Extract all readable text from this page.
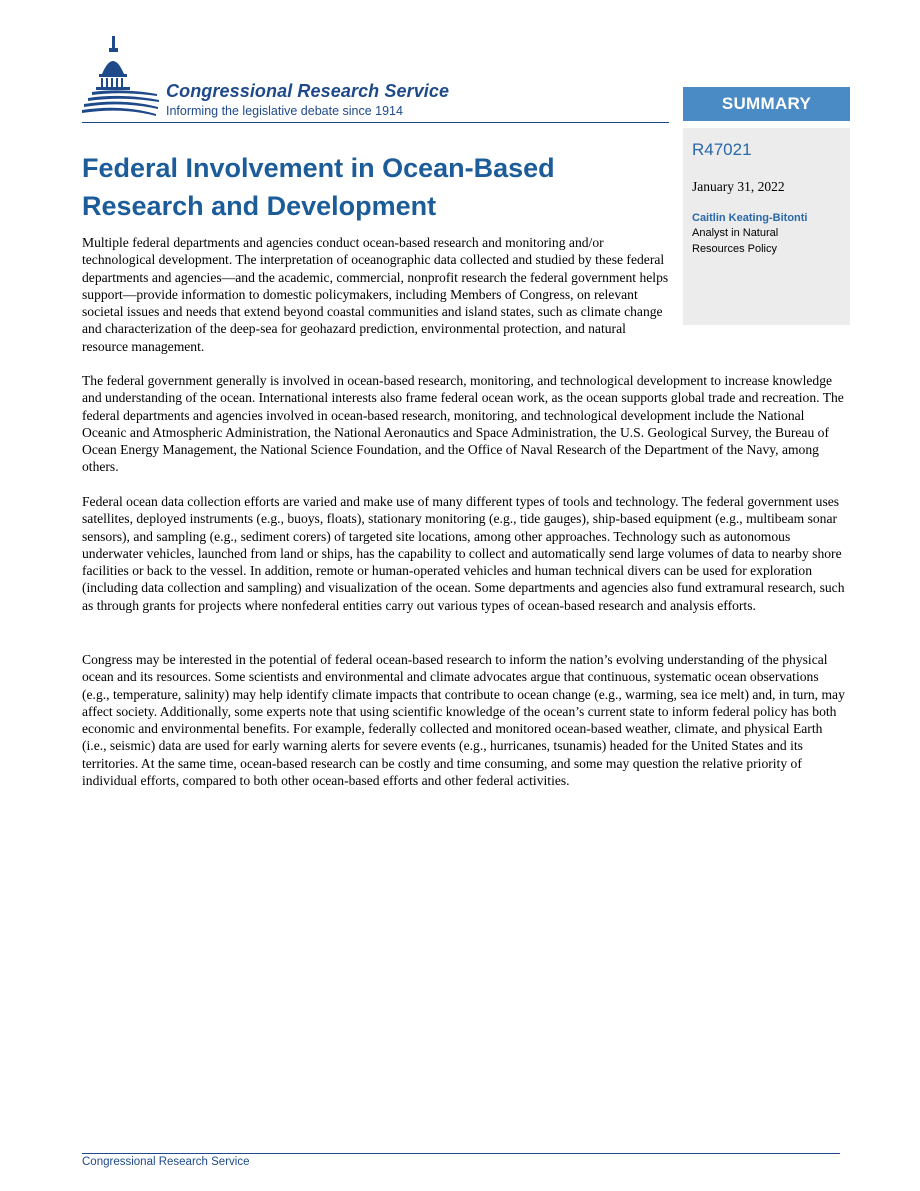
Congressional Research Service
Informing the legislative debate since 1914	SUMMARY
R47021
January 31, 2022
Caitlin Keating-Bitonti
Analyst in Natural Resources Policy
Federal Involvement in Ocean-Based Research and Development

Multiple federal departments and agencies conduct ocean-based research and monitoring and/or technological development. The interpretation of oceanographic data collected and studied by these federal departments and agencies—and the academic, commercial, nonprofit research the federal government helps support—provide information to domestic policymakers, including Members of Congress, on relevant societal issues and needs that extend beyond coastal communities and island states, such as climate change and characterization of the deep-sea for geohazard prediction, environmental protection, and natural resource management.

The federal government generally is involved in ocean-based research, monitoring, and technological development to increase knowledge and understanding of the ocean. International interests also frame federal ocean work, as the ocean supports global trade and recreation. The federal departments and agencies involved in ocean-based research, monitoring, and technological development include the National Oceanic and Atmospheric Administration, the National Aeronautics and Space Administration, the U.S. Geological Survey, the Bureau of Ocean Energy Management, the National Science Foundation, and the Office of Naval Research of the Department of the Navy, among others.

Federal ocean data collection efforts are varied and make use of many different types of tools and technology. The federal government uses satellites, deployed instruments (e.g., buoys, floats), stationary monitoring (e.g., tide gauges), ship-based equipment (e.g., multibeam sonar sensors), and sampling (e.g., sediment corers) of targeted site locations, among other approaches. Technology such as autonomous underwater vehicles, launched from land or ships, has the capability to collect and automatically send large volumes of data to nearby shore facilities or back to the vessel. In addition, remote or human-operated vehicles and human technical divers can be used for exploration (including data collection and sampling) and visualization of the ocean. Some departments and agencies also fund extramural research, such as through grants for projects where nonfederal entities carry out various types of ocean-based research and analysis efforts.

Congress may be interested in the potential of federal ocean-based research to inform the nation’s evolving understanding of the physical ocean and its resources. Some scientists and environmental and climate advocates argue that continuous, systematic ocean observations (e.g., temperature, salinity) may help identify climate impacts that contribute to ocean change (e.g., warming, sea ice melt) and, in turn, may affect society. Additionally, some experts note that using scientific knowledge of the ocean’s current state to inform federal policy has both economic and environmental benefits. For example, federally collected and monitored ocean-based weather, climate, and physical Earth (i.e., seismic) data are used for early warning alerts for severe events (e.g., hurricanes, tsunamis) headed for the United States and its territories. At the same time, ocean-based research can be costly and time consuming, and some may question the relative priority of individual efforts, compared to both other ocean-based efforts and other federal activities.

Congressional Research Service
